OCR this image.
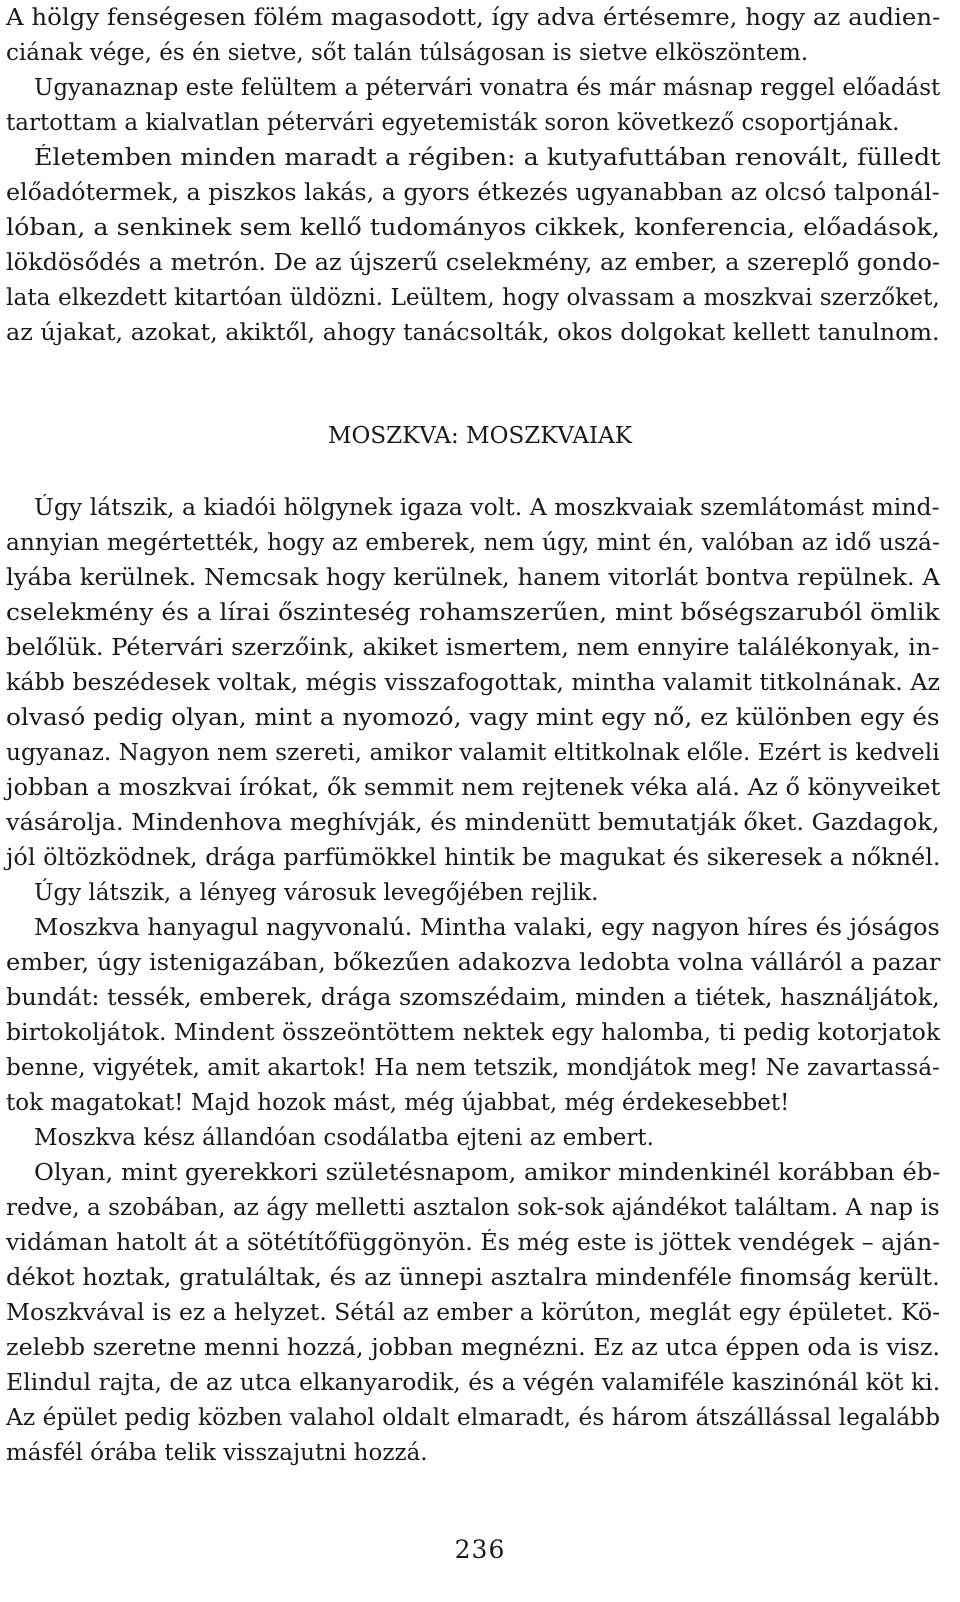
A hölgy fenségesen fölém magasodott, így adva értésemre, hogy az audien-
ciának vége, és én sietve, sőt talán túlságosan is sietve elköszöntem.
Ugyanaznap este felültem a pétervári vonatra és már másnap reggel előadást
tartottam a kialvatlan pétervári egyetemisták soron következő csoportjának.
Életemben minden maradt a régiben: a kutyafuttában renovált, fülledt
előadótermek, a piszkos lakás, a gyors étkezés ugyanabban az olcsó talponál-
lóban, a senkinek sem kellő tudományos cikkek, konferencia, előadások,
lökdösődés a metrón. De az újszerű cselekmény, az ember, a szereplő gondo-
lata elkezdett kitartóan üldözni. Leültem, hogy olvassam a moszkvai szerzőket,
az újakat, azokat, akiktől, ahogy tanácsolták, okos dolgokat kellett tanulnom.
MOSZKVA: MOSZKVAIAK
Úgy látszik, a kiadói hölgynek igaza volt. A moszkvaiak szemlátomást mind-
annyian megértették, hogy az emberek, nem úgy, mint én, valóban az idő uszá-
lyába kerülnek. Nemcsak hogy kerülnek, hanem vitorlát bontva repülnek. A
cselekmény és a lírai őszinteség rohamszerűen, mint bőségszaruból ömlik
belőlük. Pétervári szerzőink, akiket ismertem, nem ennyire találékonyak, in-
kább beszédesek voltak, mégis visszafogottak, mintha valamit titkolnának. Az
olvasó pedig olyan, mint a nyomozó, vagy mint egy nő, ez különben egy és
ugyanaz. Nagyon nem szereti, amikor valamit eltitkolnak előle. Ezért is kedveli
jobban a moszkvai írókat, ők semmit nem rejtenek véka alá. Az ő könyveiket
vásárolja. Mindenhova meghívják, és mindenütt bemutatják őket. Gazdagok,
jól öltözködnek, drága parfümökkel hintik be magukat és sikeresek a nőknél.
Úgy látszik, a lényeg városuk levegőjében rejlik.
Moszkva hanyagul nagyvonalú. Mintha valaki, egy nagyon híres és jóságos
ember, úgy istenigazában, bőkezűen adakozva ledobta volna válláról a pazar
bundát: tessék, emberek, drága szomszédaim, minden a tiétek, használjátok,
birtokoljátok. Mindent összeöntöttem nektek egy halomba, ti pedig kotorjatok
benne, vigyétek, amit akartok! Ha nem tetszik, mondjátok meg! Ne zavartassá-
tok magatokat! Majd hozok mást, még újabbat, még érdekesebbet!
Moszkva kész állandóan csodálatba ejteni az embert.
Olyan, mint gyerekkori születésnapom, amikor mindenkinél korábban éb-
redve, a szobában, az ágy melletti asztalon sok-sok ajándékot találtam. A nap is
vidáman hatolt át a sötétítőfüggönyön. És még este is jöttek vendégek – aján-
dékot hoztak, gratuláltak, és az ünnepi asztalra mindenféle finomság került.
Moszkvával is ez a helyzet. Sétál az ember a körúton, meglát egy épületet. Kö-
zelebb szeretne menni hozzá, jobban megnézni. Ez az utca éppen oda is visz.
Elindul rajta, de az utca elkanyarodik, és a végén valamiféle kaszinónál köt ki.
Az épület pedig közben valahol oldalt elmaradt, és három átszállással legalább
másfél órába telik visszajutni hozzá.
236
